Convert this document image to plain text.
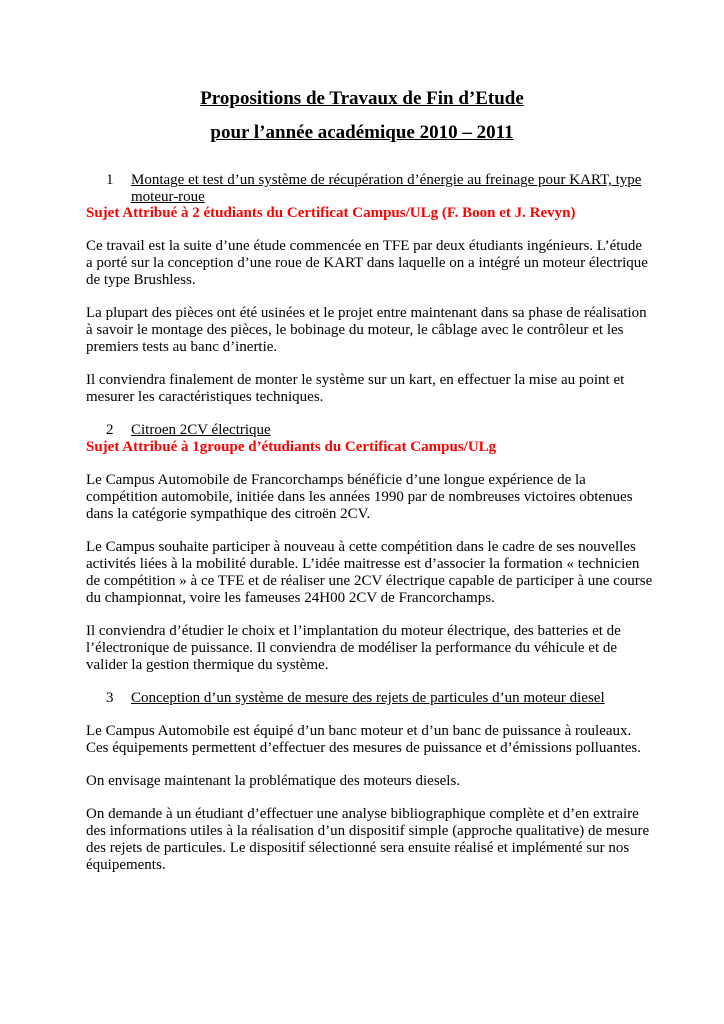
Propositions de Travaux de Fin d’Etude
pour l’année académique 2010 – 2011
1 Montage et test d’un système de récupération d’énergie au freinage pour KART, type
moteur-roue
Sujet Attribué à 2 étudiants du Certificat Campus/ULg (F. Boon et J. Revyn)
Ce travail est la suite d’une étude commencée en TFE par deux étudiants ingénieurs. L’étude
a porté sur la conception d’une roue de KART dans laquelle on a intégré un moteur électrique
de type Brushless.
La plupart des pièces ont été usinées et le projet entre maintenant dans sa phase de réalisation
à savoir le montage des pièces, le bobinage du moteur, le câblage avec le contrôleur et les
premiers tests au banc d’inertie.
Il conviendra finalement de monter le système sur un kart, en effectuer la mise au point et
mesurer les caractéristiques techniques.
2 Citroen 2CV électrique
Sujet Attribué à 1groupe d’étudiants du Certificat Campus/ULg
Le Campus Automobile de Francorchamps bénéficie d’une longue expérience de la
compétition automobile, initiée dans les années 1990 par de nombreuses victoires obtenues
dans la catégorie sympathique des citroën 2CV.
Le Campus souhaite participer à nouveau à cette compétition dans le cadre de ses nouvelles
activités liées à la mobilité durable. L’idée maitresse est d’associer la formation « technicien
de compétition » à ce TFE et de réaliser une 2CV électrique capable de participer à une course
du championnat, voire les fameuses 24H00 2CV de Francorchamps.
Il conviendra d’étudier le choix et l’implantation du moteur électrique, des batteries et de
l’électronique de puissance. Il conviendra de modéliser la performance du véhicule et de
valider la gestion thermique du système.
3 Conception d’un système de mesure des rejets de particules d’un moteur diesel
Le Campus Automobile est équipé d’un banc moteur et d’un banc de puissance à rouleaux.
Ces équipements permettent d’effectuer des mesures de puissance et d’émissions polluantes.
On envisage maintenant la problématique des moteurs diesels.
On demande à un étudiant d’effectuer une analyse bibliographique complète et d’en extraire
des informations utiles à la réalisation d’un dispositif simple (approche qualitative) de mesure
des rejets de particules. Le dispositif sélectionné sera ensuite réalisé et implémenté sur nos
équipements.
